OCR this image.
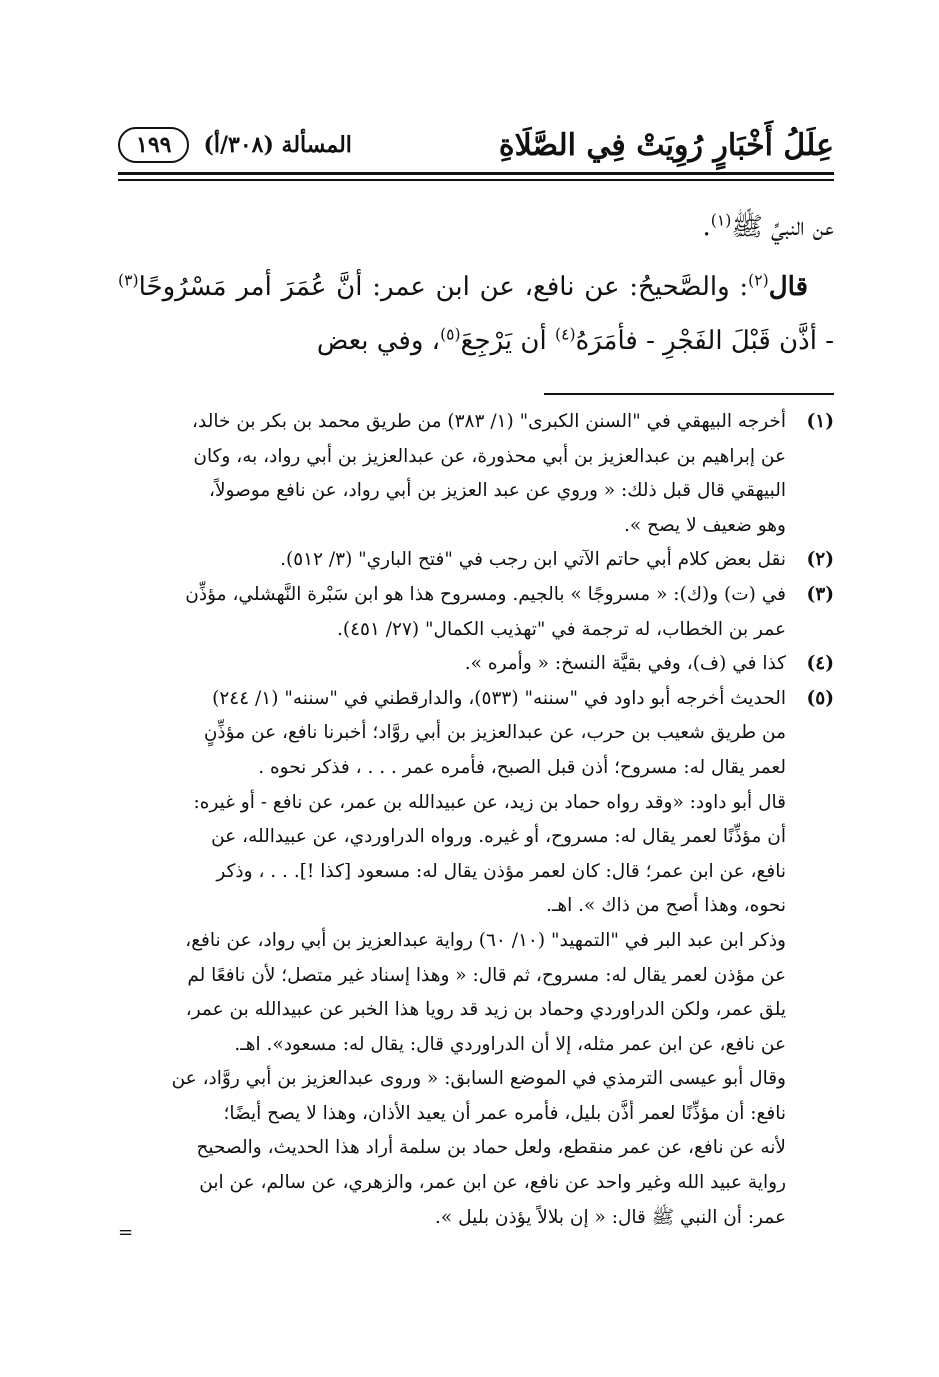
عِلَلُ أَخْبَارٍ رُوِيَتْ فِي الصَّلَاةِ
المسألة (٣٠٨/أ)
١٩٩

عن النبيِّ ﷺ$^{(١)}$.

قال$^{(٢)}$: والصَّحيحُ: عن نافع، عن ابن عمر: أنَّ عُمَرَ أمر مَسْرُوحًا$^{(٣)}$ - أذَّن قَبْلَ الفَجْرِ - فأمَرَهُ$^{(٤)}$ أن يَرْجِعَ$^{(٥)}$، وفي بعض

(١)
أخرجه البيهقي في "السنن الكبرى" (١/ ٣٨٣) من طريق محمد بن بكر بن خالد،
عن إبراهيم بن عبدالعزيز بن أبي محذورة، عن عبدالعزيز بن أبي رواد، به، وكان
البيهقي قال قبل ذلك: « وروي عن عبد العزيز بن أبي رواد، عن نافع موصولاً،
وهو ضعيف لا يصح ».
(٢)
نقل بعض كلام أبي حاتم الآتي ابن رجب في "فتح الباري" (٣/ ٥١٢).
(٣)
في (ت) و(ك): « مسروجًا » بالجيم. ومسروح هذا هو ابن سَبْرة النَّهشلي، مؤذِّن
عمر بن الخطاب، له ترجمة في "تهذيب الكمال" (٢٧/ ٤٥١).
(٤)
كذا في (ف)، وفي بقيَّة النسخ: « وأمره ».
(٥)
الحديث أخرجه أبو داود في "سننه" (٥٣٣)، والدارقطني في "سننه" (١/ ٢٤٤)
من طريق شعيب بن حرب، عن عبدالعزيز بن أبي روَّاد؛ أخبرنا نافع، عن مؤذِّنٍ
لعمر يقال له: مسروح؛ أذن قبل الصبح، فأمره عمر . . . ، فذكر نحوه .
قال أبو داود: «وقد رواه حماد بن زيد، عن عبيدالله بن عمر، عن نافع - أو غيره:
أن مؤذِّنًا لعمر يقال له: مسروح، أو غيره. ورواه الدراوردي، عن عبيدالله، عن
نافع، عن ابن عمر؛ قال: كان لعمر مؤذن يقال له: مسعود [كذا !]. . . ، وذكر
نحوه، وهذا أصح من ذاك ». اهـ.
وذكر ابن عبد البر في "التمهيد" (١٠/ ٦٠) رواية عبدالعزيز بن أبي رواد، عن نافع،
عن مؤذن لعمر يقال له: مسروح، ثم قال: « وهذا إسناد غير متصل؛ لأن نافعًا لم
يلق عمر، ولكن الدراوردي وحماد بن زيد قد رويا هذا الخبر عن عبيدالله بن عمر،
عن نافع، عن ابن عمر مثله، إلا أن الدراوردي قال: يقال له: مسعود». اهـ.
وقال أبو عيسى الترمذي في الموضع السابق: « وروى عبدالعزيز بن أبي روَّاد، عن
نافع: أن مؤذِّنًا لعمر أذَّن بليل، فأمره عمر أن يعيد الأذان، وهذا لا يصح أيضًا؛
لأنه عن نافع، عن عمر منقطع، ولعل حماد بن سلمة أراد هذا الحديث، والصحيح
رواية عبيد الله وغير واحد عن نافع، عن ابن عمر، والزهري، عن سالم، عن ابن
عمر: أن النبي ﷺ قال: « إن بلالاً يؤذن بليل ».
=
